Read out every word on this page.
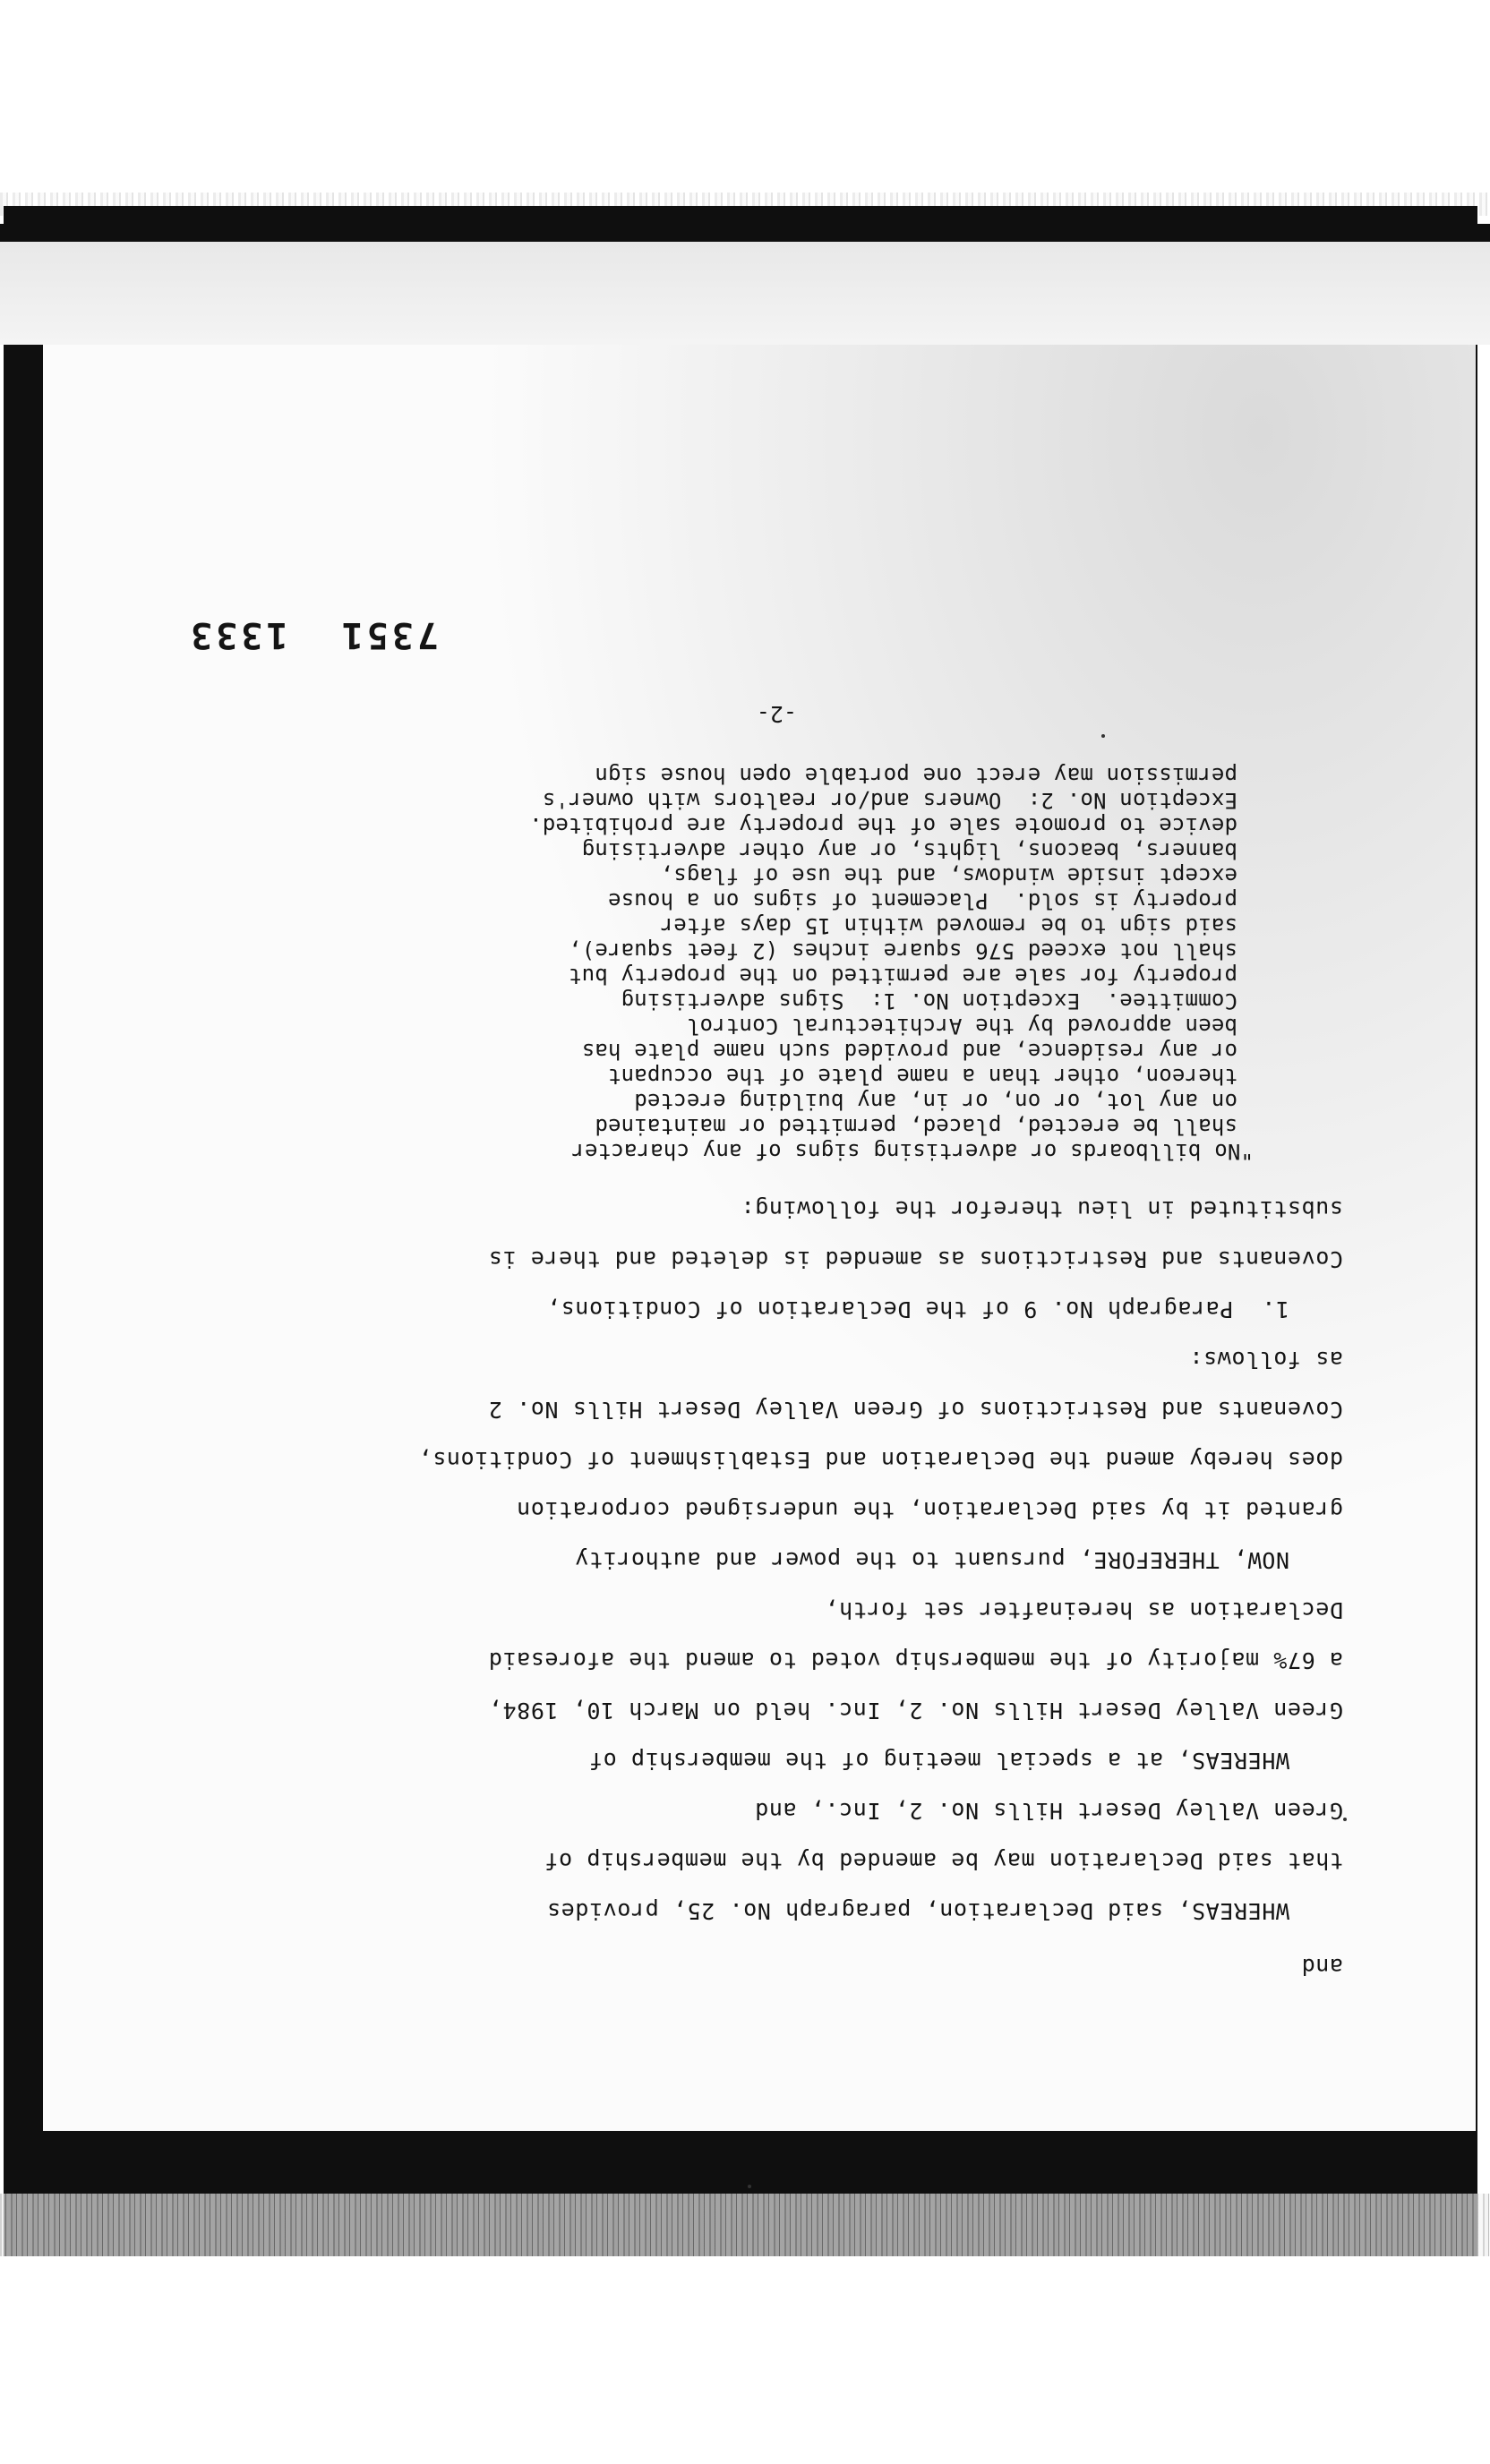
and
WHEREAS, said Declaration, paragraph No. 25, provides
that said Declaration may be amended by the membership of
Green Valley Desert Hills No. 2, Inc., and
WHEREAS, at a special meeting of the membership of
Green Valley Desert Hills No. 2, Inc. held on March 10, 1984,
a 67% majority of the membership voted to amend the aforesaid
Declaration as hereinafter set forth,
NOW, THEREFORE, pursuant to the power and authority
granted it by said Declaration, the undersigned corporation
does hereby amend the Declaration and Establishment of Conditions,
Covenants and Restrictions of Green Valley Desert Hills No. 2
as follows:
1.  Paragraph No. 9 of the Declaration of Conditions,
Covenants and Restrictions as amended is deleted and there is
substituted in lieu therefor the following:
"No billboards or advertising signs of any character
shall be erected, placed, permitted or maintained
on any lot, or on, or in, any building erected
thereon, other than a name plate of the occupant
or any residence, and provided such name plate has
been approved by the Architectural Control
Committee.  Exception No. 1:  Signs advertising
property for sale are permitted on the property but
shall not exceed 576 square inches (2 feet square),
said sign to be removed within 15 days after
property is sold.  Placement of signs on a house
except inside windows, and the use of flags,
banners, beacons, lights, or any other advertising
device to promote sale of the property are prohibited.
Exception No. 2:  Owners and/or realtors with owner's
permission may erect one portable open house sign
-2-
7351  1333
